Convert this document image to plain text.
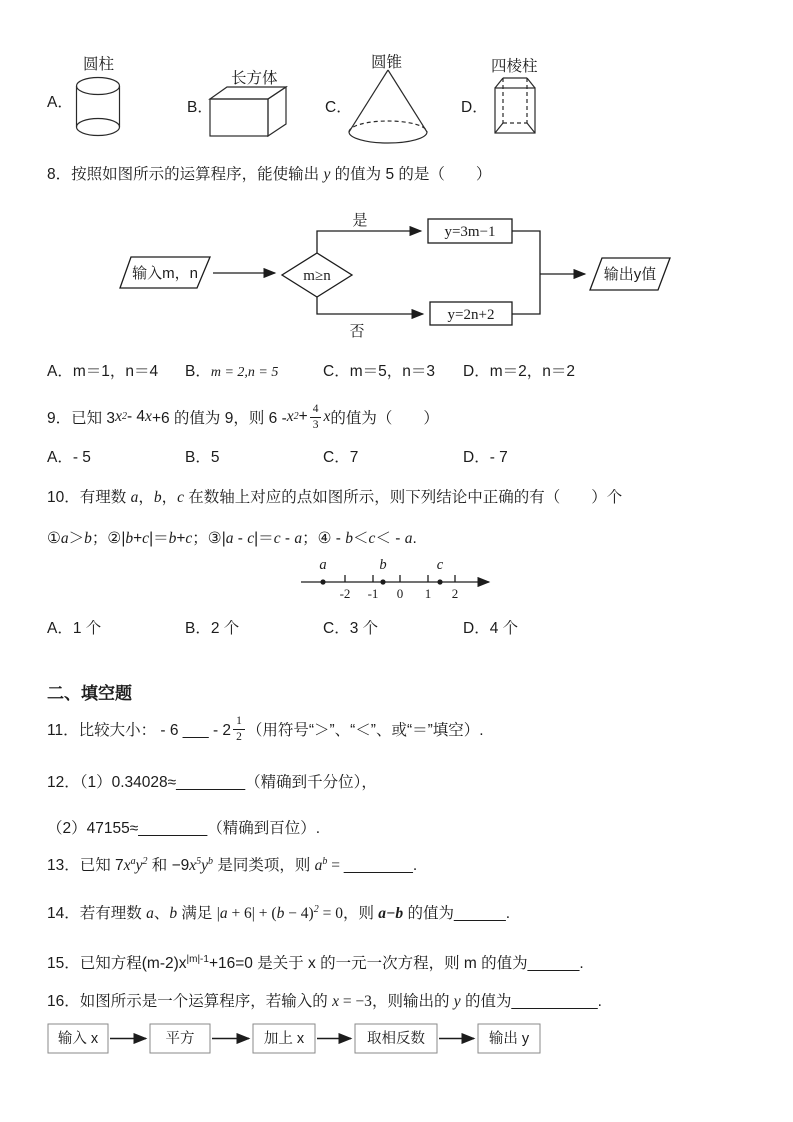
A．
圆柱
B．
长方体
C．
圆锥
D．
四棱柱
8．按照如图所示的运算程序，能使输出 y 的值为 5 的是（　　）
输入m，n	m≥n
是
否
y=3m−1
y=2n+2
输出y值
A．m＝1，n＝4 B．m = 2,n = 5	C．m＝5，n＝3 D．m＝2，n＝2
9．已知 3 x 2 - 4 x +6 的值为 9，则 6 - x $2 + \frac{4}{3}$ x 的值为（　　）
A．- 5	B．5	C．7	D．- 7
10．有理数 a，b，c 在数轴上对应的点如图所示，则下列结论中正确的有（　　）个
①a＞b；②|b+c|＝b+c；③|a - c|＝c - a；④ - b＜c＜ - a.
-2 -1 0 1 2
a	b	c
A．1 个	B．2 个	C．3 个	D．4 个
二、填空题
11．比较大小： - 6 ___ - $2 \frac{1}{2}$ （用符号“＞”、“＜”、或“＝”填空）.
12．（1）0.34028≈________（精确到千分位），
（2）47155≈________（精确到百位）.
13．已知 $7x^ay^2$ 和 $-9x^5y^b$ 是同类项，则 $a^b$ = ________.
14．若有理数 a、b 满足 $|a + 6| + (b - 4)^2 = 0$，则 a−b 的值为______.
15．已知方程$(m-2)x^{|m|-1}+16=0$ 是关于 x 的一元一次方程，则 m 的值为______.
16．如图所示是一个运算程序，若输入的 x = −3，则输出的 y 的值为__________.
输入 x	平方	加上 x	取相反数	输出 y
